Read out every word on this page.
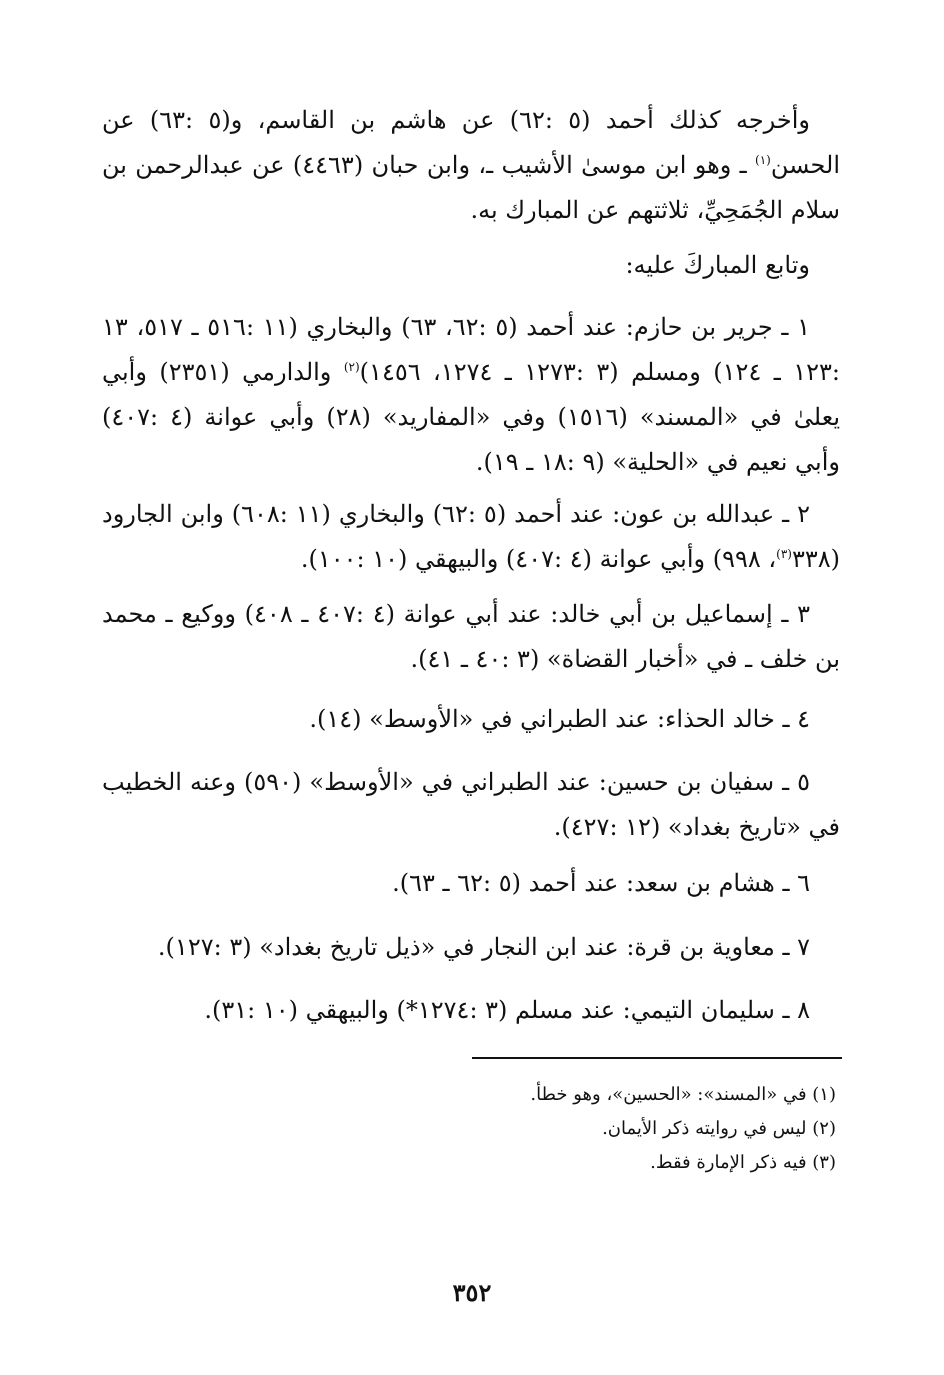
وأخرجه كذلك أحمد (٥ :٦٢) عن هاشم بن القاسم، و(٥ :٦٣) عن الحسن$^{(١)}$ ـ وهو ابن موسىٰ الأشيب ـ، وابن حبان (٤٤٦٣) عن عبدالرحمن بن سلام الجُمَحِيِّ، ثلاثتهم عن المبارك به.

وتابع المباركَ عليه:

١ ـ جرير بن حازم: عند أحمد (٥ :٦٢، ٦٣) والبخاري (١١ :٥١٦ ـ ٥١٧، ١٣ :١٢٣ ـ ١٢٤) ومسلم (٣ :١٢٧٣ ـ ١٢٧٤، ١٤٥٦)$^{(٢)}$ والدارمي (٢٣٥١) وأبي يعلىٰ في «المسند» (١٥١٦) وفي «المفاريد» (٢٨) وأبي عوانة (٤ :٤٠٧) وأبي نعيم في «الحلية» (٩ :١٨ ـ ١٩).

٢ ـ عبدالله بن عون: عند أحمد (٥ :٦٢) والبخاري (١١ :٦٠٨) وابن الجارود (٣٣٨$^{(٣)}$، ٩٩٨) وأبي عوانة (٤ :٤٠٧) والبيهقي (١٠ :١٠٠).

٣ ـ إسماعيل بن أبي خالد: عند أبي عوانة (٤ :٤٠٧ ـ ٤٠٨) ووكيع ـ محمد بن خلف ـ في «أخبار القضاة» (٣ :٤٠ ـ ٤١).

٤ ـ خالد الحذاء: عند الطبراني في «الأوسط» (١٤).

٥ ـ سفيان بن حسين: عند الطبراني في «الأوسط» (٥٩٠) وعنه الخطيب في «تاريخ بغداد» (١٢ :٤٢٧).

٦ ـ هشام بن سعد: عند أحمد (٥ :٦٢ ـ ٦٣).

٧ ـ معاوية بن قرة: عند ابن النجار في «ذيل تاريخ بغداد» (٣ :١٢٧).

٨ ـ سليمان التيمي: عند مسلم (٣ :١٢٧٤*) والبيهقي (١٠ :٣١).

(١) في «المسند»: «الحسين»، وهو خطأ.
(٢) ليس في روايته ذكر الأيمان.
(٣) فيه ذكر الإمارة فقط.
٣٥٢
